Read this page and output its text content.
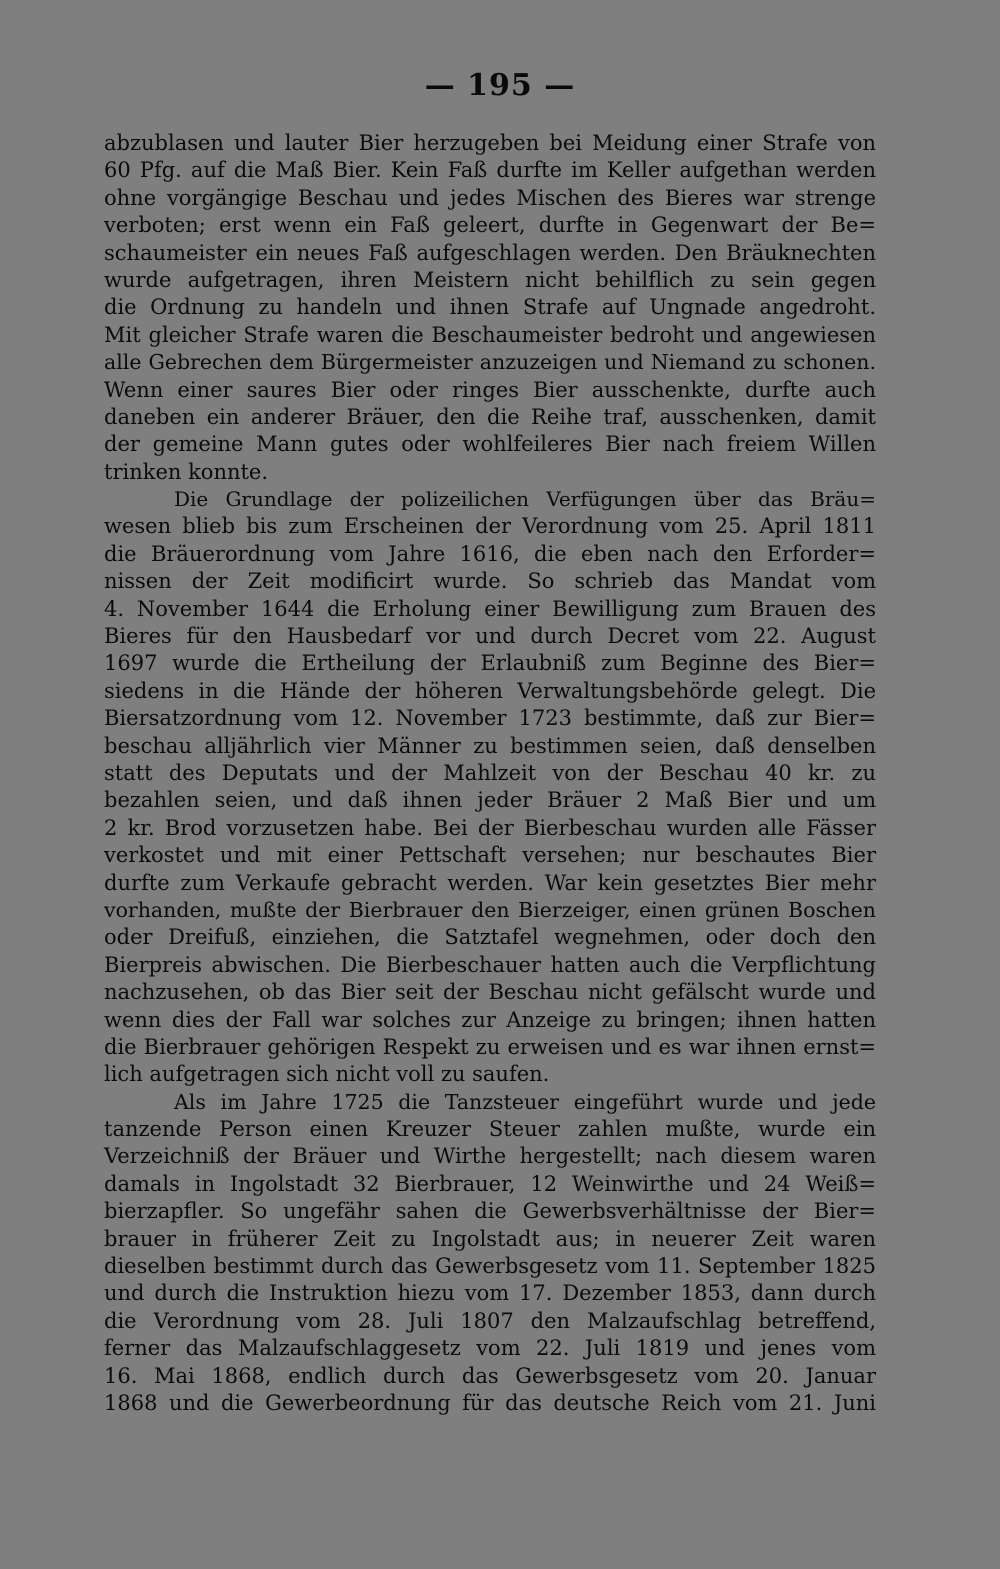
— 195 —
abzublasen und lauter Bier herzugeben bei Meidung einer Strafe von
60 Pfg. auf die Maß Bier. Kein Faß durfte im Keller aufgethan werden
ohne vorgängige Beschau und jedes Mischen des Bieres war strenge
verboten; erst wenn ein Faß geleert, durfte in Gegenwart der Be=
schaumeister ein neues Faß aufgeschlagen werden. Den Bräuknechten
wurde aufgetragen, ihren Meistern nicht behilflich zu sein gegen
die Ordnung zu handeln und ihnen Strafe auf Ungnade angedroht.
Mit gleicher Strafe waren die Beschaumeister bedroht und angewiesen
alle Gebrechen dem Bürgermeister anzuzeigen und Niemand zu schonen.
Wenn einer saures Bier oder ringes Bier ausschenkte, durfte auch
daneben ein anderer Bräuer, den die Reihe traf, ausschenken, damit
der gemeine Mann gutes oder wohlfeileres Bier nach freiem Willen
trinken konnte.
Die Grundlage der polizeilichen Verfügungen über das Bräu=
wesen blieb bis zum Erscheinen der Verordnung vom 25. April 1811
die Bräuerordnung vom Jahre 1616, die eben nach den Erforder=
nissen der Zeit modificirt wurde. So schrieb das Mandat vom
4. November 1644 die Erholung einer Bewilligung zum Brauen des
Bieres für den Hausbedarf vor und durch Decret vom 22. August
1697 wurde die Ertheilung der Erlaubniß zum Beginne des Bier=
siedens in die Hände der höheren Verwaltungsbehörde gelegt. Die
Biersatzordnung vom 12. November 1723 bestimmte, daß zur Bier=
beschau alljährlich vier Männer zu bestimmen seien, daß denselben
statt des Deputats und der Mahlzeit von der Beschau 40 kr. zu
bezahlen seien, und daß ihnen jeder Bräuer 2 Maß Bier und um
2 kr. Brod vorzusetzen habe. Bei der Bierbeschau wurden alle Fässer
verkostet und mit einer Pettschaft versehen; nur beschautes Bier
durfte zum Verkaufe gebracht werden. War kein gesetztes Bier mehr
vorhanden, mußte der Bierbrauer den Bierzeiger, einen grünen Boschen
oder Dreifuß, einziehen, die Satztafel wegnehmen, oder doch den
Bierpreis abwischen. Die Bierbeschauer hatten auch die Verpflichtung
nachzusehen, ob das Bier seit der Beschau nicht gefälscht wurde und
wenn dies der Fall war solches zur Anzeige zu bringen; ihnen hatten
die Bierbrauer gehörigen Respekt zu erweisen und es war ihnen ernst=
lich aufgetragen sich nicht voll zu saufen.
Als im Jahre 1725 die Tanzsteuer eingeführt wurde und jede
tanzende Person einen Kreuzer Steuer zahlen mußte, wurde ein
Verzeichniß der Bräuer und Wirthe hergestellt; nach diesem waren
damals in Ingolstadt 32 Bierbrauer, 12 Weinwirthe und 24 Weiß=
bierzapfler. So ungefähr sahen die Gewerbsverhältnisse der Bier=
brauer in früherer Zeit zu Ingolstadt aus; in neuerer Zeit waren
dieselben bestimmt durch das Gewerbsgesetz vom 11. September 1825
und durch die Instruktion hiezu vom 17. Dezember 1853, dann durch
die Verordnung vom 28. Juli 1807 den Malzaufschlag betreffend,
ferner das Malzaufschlaggesetz vom 22. Juli 1819 und jenes vom
16. Mai 1868, endlich durch das Gewerbsgesetz vom 20. Januar
1868 und die Gewerbeordnung für das deutsche Reich vom 21. Juni
